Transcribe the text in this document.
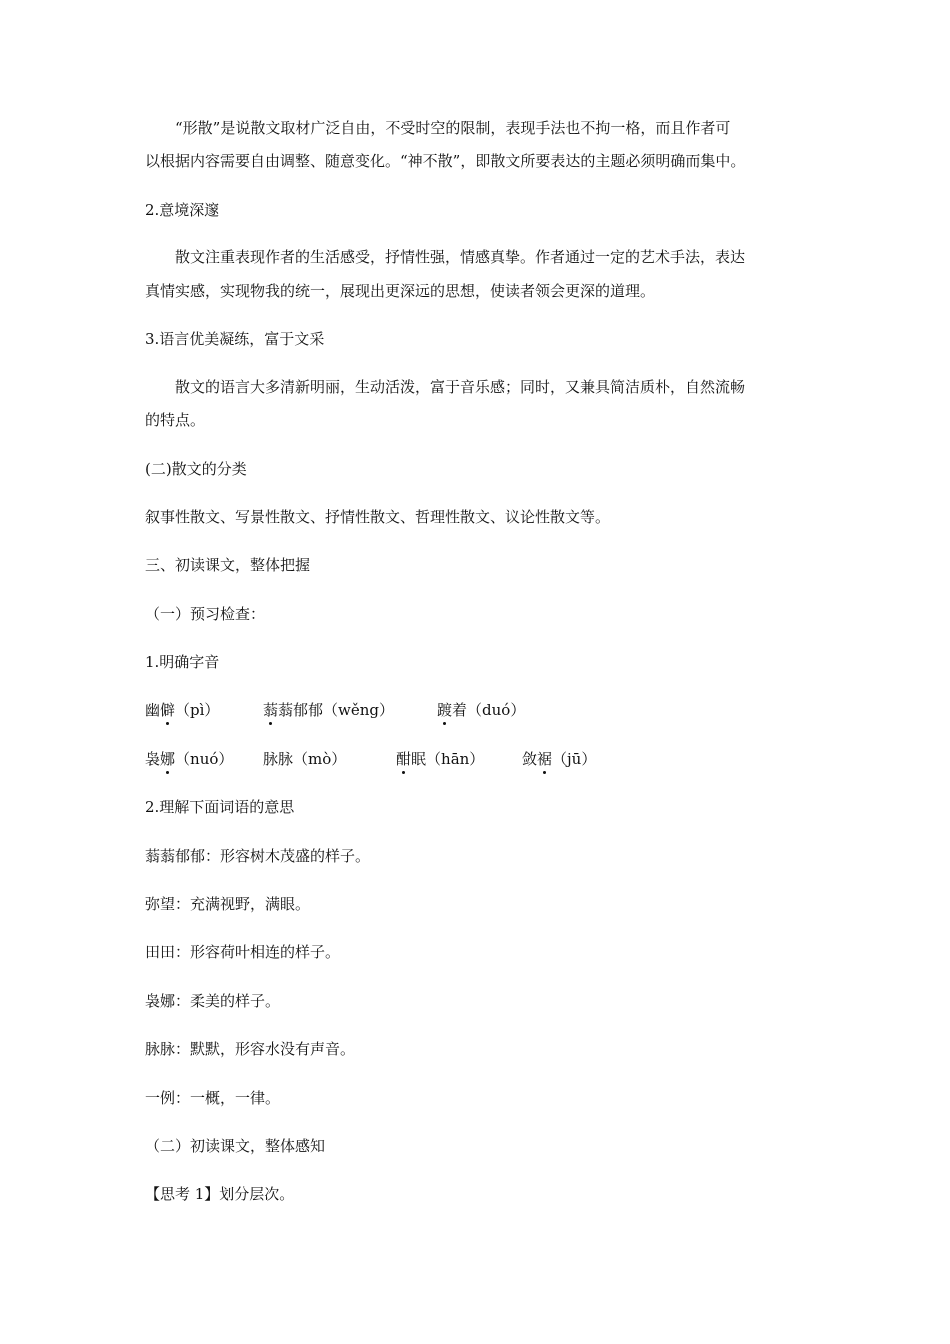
“形散”是说散文取材广泛自由，不受时空的限制，表现手法也不拘一格，而且作者可
以根据内容需要自由调整、随意变化。“神不散”，即散文所要表达的主题必须明确而集中。
2.意境深邃
散文注重表现作者的生活感受，抒情性强，情感真挚。作者通过一定的艺术手法，表达
真情实感，实现物我的统一，展现出更深远的思想，使读者领会更深的道理。
3.语言优美凝练，富于文采
散文的语言大多清新明丽，生动活泼，富于音乐感；同时，又兼具简洁质朴，自然流畅
的特点。
(二)散文的分类
叙事性散文、写景性散文、抒情性散文、哲理性散文、议论性散文等。
三、初读课文，整体把握
（一）预习检查：
1.明确字音
幽僻（pì）	蓊蓊郁郁（wěng）	踱着（duó）
袅娜（nuó） 脉脉（mò）	酣眠（hān）	敛裾（jū）
2.理解下面词语的意思
蓊蓊郁郁：形容树木茂盛的样子。
弥望：充满视野，满眼。
田田：形容荷叶相连的样子。
袅娜：柔美的样子。
脉脉：默默，形容水没有声音。
一例：一概，一律。
（二）初读课文，整体感知
【思考 1】划分层次。
